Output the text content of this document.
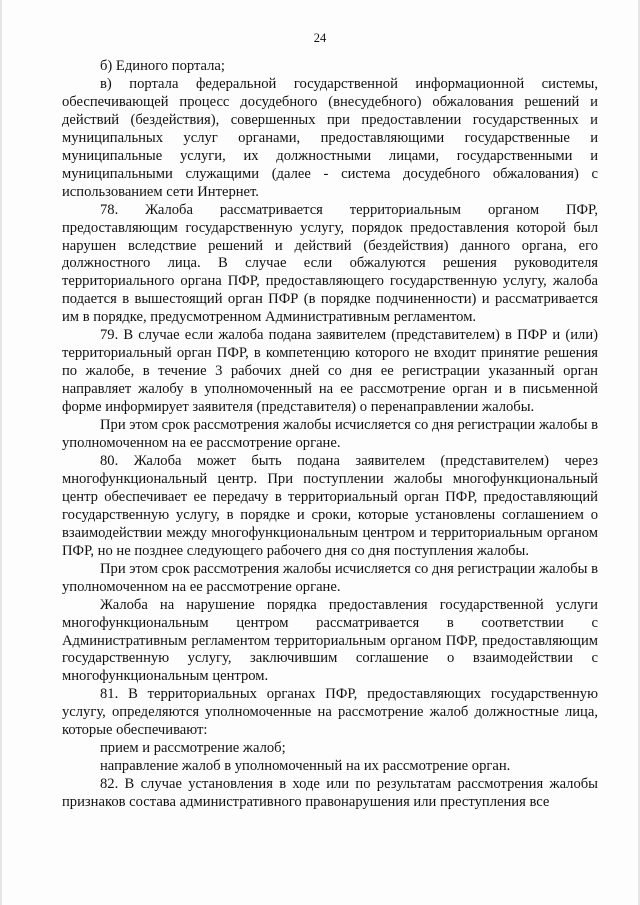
24

б) Единого портала;

в) портала федеральной государственной информационной системы, обеспечивающей процесс досудебного (внесудебного) обжалования решений и действий (бездействия), совершенных при предоставлении государственных и муниципальных услуг органами, предоставляющими государственные и муниципальные услуги, их должностными лицами, государственными и муниципальными служащими (далее - система досудебного обжалования) с использованием сети Интернет.

78. Жалоба рассматривается территориальным органом ПФР, предоставляющим государственную услугу, порядок предоставления которой был нарушен вследствие решений и действий (бездействия) данного органа, его должностного лица. В случае если обжалуются решения руководителя территориального органа ПФР, предоставляющего государственную услугу, жалоба подается в вышестоящий орган ПФР (в порядке подчиненности) и рассматривается им в порядке, предусмотренном Административным регламентом.

79. В случае если жалоба подана заявителем (представителем) в ПФР и (или) территориальный орган ПФР, в компетенцию которого не входит принятие решения по жалобе, в течение 3 рабочих дней со дня ее регистрации указанный орган направляет жалобу в уполномоченный на ее рассмотрение орган и в письменной форме информирует заявителя (представителя) о перенаправлении жалобы.

При этом срок рассмотрения жалобы исчисляется со дня регистрации жалобы в уполномоченном на ее рассмотрение органе.

80. Жалоба может быть подана заявителем (представителем) через многофункциональный центр. При поступлении жалобы многофункциональный центр обеспечивает ее передачу в территориальный орган ПФР, предоставляющий государственную услугу, в порядке и сроки, которые установлены соглашением о взаимодействии между многофункциональным центром и территориальным органом ПФР, но не позднее следующего рабочего дня со дня поступления жалобы.

При этом срок рассмотрения жалобы исчисляется со дня регистрации жалобы в уполномоченном на ее рассмотрение органе.

Жалоба на нарушение порядка предоставления государственной услуги многофункциональным центром рассматривается в соответствии с Административным регламентом территориальным органом ПФР, предоставляющим государственную услугу, заключившим соглашение о взаимодействии с многофункциональным центром.

81. В территориальных органах ПФР, предоставляющих государственную услугу, определяются уполномоченные на рассмотрение жалоб должностные лица, которые обеспечивают:

прием и рассмотрение жалоб;

направление жалоб в уполномоченный на их рассмотрение орган.

82. В случае установления в ходе или по результатам рассмотрения жалобы признаков состава административного правонарушения или преступления все
